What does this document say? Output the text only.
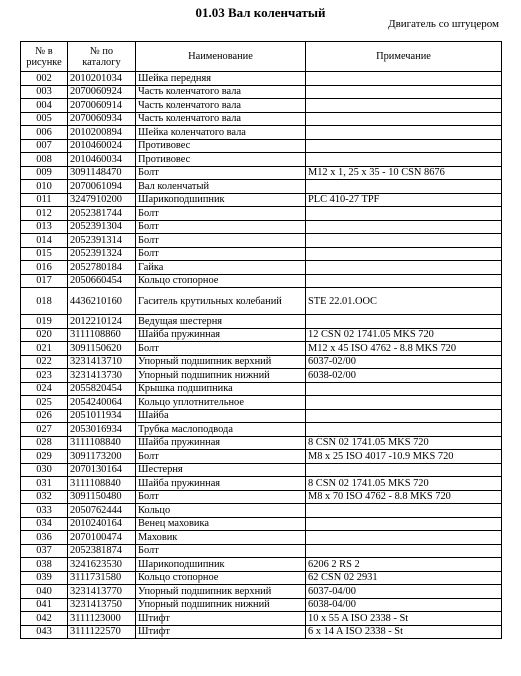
01.03 Вал коленчатый
Двигатель со штуцером
№ в рисунке	№ по каталогу	Наименование	Примечание
002	2010201034	Шейка передняя	
003	2070060924	Часть коленчатого вала	
004	2070060914	Часть коленчатого вала	
005	2070060934	Часть коленчатого вала	
006	2010200894	Шейка коленчатого вала	
007	2010460024	Противовес	
008	2010460034	Противовес	
009	3091148470	Болт	M12 x 1, 25 x 35 - 10 CSN 8676
010	2070061094	Вал коленчатый	
011	3247910200	Шарикоподшипник	PLC 410-27 TPF
012	2052381744	Болт	
013	2052391304	Болт	
014	2052391314	Болт	
015	2052391324	Болт	
016	2052780184	Гайка	
017	2050660454	Кольцо стопорное	
018	4436210160	Гаситель крутильных колебаний	STE 22.01.OOC
019	2012210124	Ведущая шестерня	
020	3111108860	Шайба пружинная	12 CSN 02 1741.05 MKS 720
021	3091150620	Болт	M12 x 45 ISO 4762 - 8.8 MKS 720
022	3231413710	Упорный подшипник верхний	6037-02/00
023	3231413730	Упорный подшипник нижний	6038-02/00
024	2055820454	Крышка подшипника	
025	2054240064	Кольцо уплотнительное	
026	2051011934	Шайба	
027	2053016934	Трубка маслоподвода	
028	3111108840	Шайба пружинная	8 CSN 02 1741.05 MKS 720
029	3091173200	Болт	M8 x 25 ISO 4017 -10.9 MKS 720
030	2070130164	Шестерня	
031	3111108840	Шайба пружинная	8 CSN 02 1741.05 MKS 720
032	3091150480	Болт	M8 x 70 ISO 4762 - 8.8 MKS 720
033	2050762444	Кольцо	
034	2010240164	Венец маховика	
036	2070100474	Маховик	
037	2052381874	Болт	
038	3241623530	Шарикоподшипник	6206 2 RS 2
039	3111731580	Кольцо стопорное	62 CSN 02 2931
040	3231413770	Упорный подшипник верхний	6037-04/00
041	3231413750	Упорный подшипник нижний	6038-04/00
042	3111123000	Штифт	10 x 55 A ISO 2338 - St
043	3111122570	Штифт	6 x 14 A ISO 2338 - St
